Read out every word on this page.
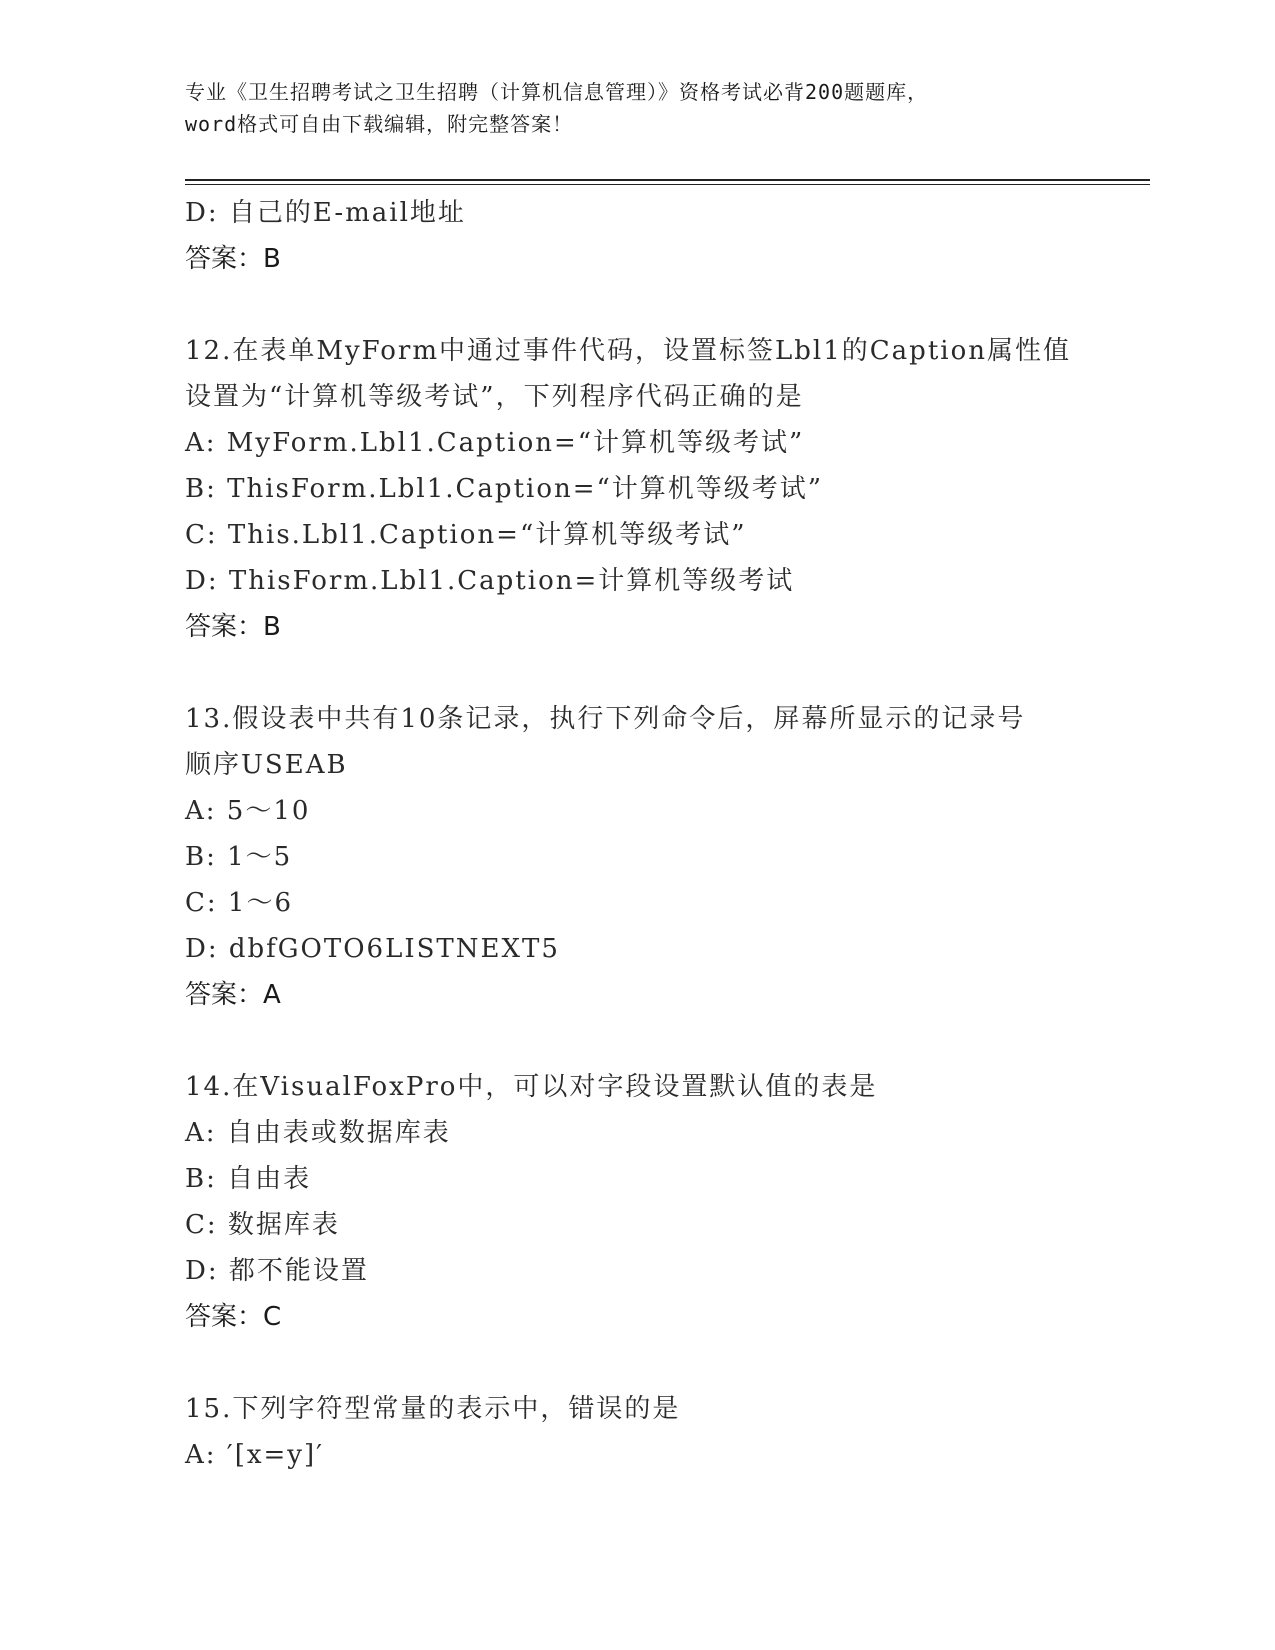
专业《卫生招聘考试之卫生招聘（计算机信息管理）》资格考试必背200题题库，
word格式可自由下载编辑，附完整答案！
D: 自己的E-mail地址
答案：B
12.在表单MyForm中通过事件代码，设置标签Lbl1的Caption属性值
设置为“计算机等级考试”，下列程序代码正确的是
A: MyForm.Lbl1.Caption=“计算机等级考试”
B: ThisForm.Lbl1.Caption=“计算机等级考试”
C: This.Lbl1.Caption=“计算机等级考试”
D: ThisForm.Lbl1.Caption=计算机等级考试
答案：B
13.假设表中共有10条记录，执行下列命令后，屏幕所显示的记录号
顺序USEAB
A: 5～10
B: 1～5
C: 1～6
D: dbfGOTO6LISTNEXT5
答案：A
14.在VisualFoxPro中，可以对字段设置默认值的表是
A: 自由表或数据库表
B: 自由表
C: 数据库表
D: 都不能设置
答案：C
15.下列字符型常量的表示中，错误的是
A: ′[x=y]′
